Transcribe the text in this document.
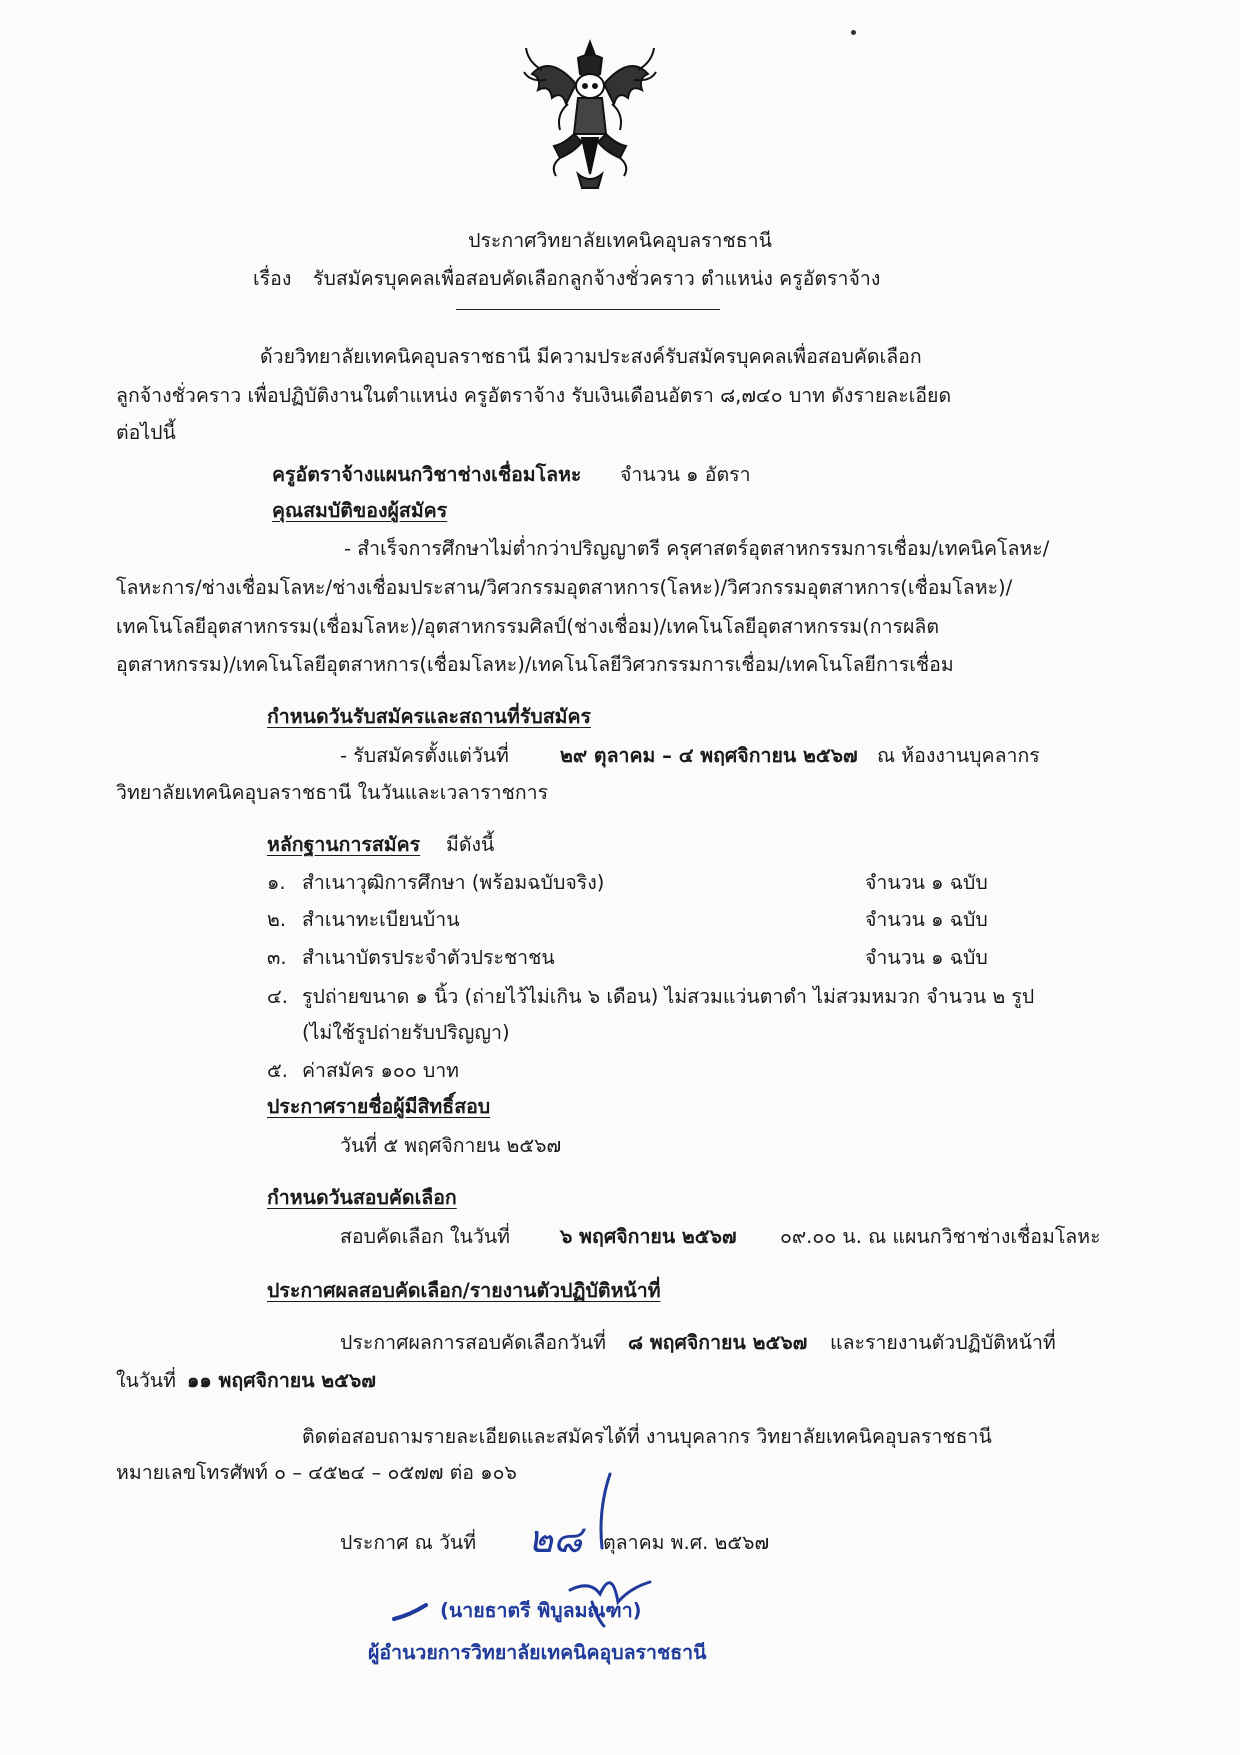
ประกาศวิทยาลัยเทคนิคอุบลราชธานี
เรื่อง รับสมัครบุคคลเพื่อสอบคัดเลือกลูกจ้างชั่วคราว ตำแหน่ง ครูอัตราจ้าง
ด้วยวิทยาลัยเทคนิคอุบลราชธานี มีความประสงค์รับสมัครบุคคลเพื่อสอบคัดเลือก
ลูกจ้างชั่วคราว เพื่อปฏิบัติงานในตำแหน่ง ครูอัตราจ้าง รับเงินเดือนอัตรา ๘,๗๔๐ บาท ดังรายละเอียด
ต่อไปนี้
ครูอัตราจ้างแผนกวิชาช่างเชื่อมโลหะ จำนวน ๑ อัตรา
คุณสมบัติของผู้สมัคร
- สำเร็จการศึกษาไม่ต่ำกว่าปริญญาตรี ครุศาสตร์อุตสาหกรรมการเชื่อม/เทคนิคโลหะ/
โลหะการ/ช่างเชื่อมโลหะ/ช่างเชื่อมประสาน/วิศวกรรมอุตสาหการ(โลหะ)/วิศวกรรมอุตสาหการ(เชื่อมโลหะ)/
เทคโนโลยีอุตสาหกรรม(เชื่อมโลหะ)/อุตสาหกรรมศิลป์(ช่างเชื่อม)/เทคโนโลยีอุตสาหกรรม(การผลิต
อุตสาหกรรม)/เทคโนโลยีอุตสาหการ(เชื่อมโลหะ)/เทคโนโลยีวิศวกรรมการเชื่อม/เทคโนโลยีการเชื่อม
กำหนดวันรับสมัครและสถานที่รับสมัคร
- รับสมัครตั้งแต่วันที่	๒๙ ตุลาคม – ๔ พฤศจิกายน ๒๕๖๗ ณ ห้องงานบุคลากร
วิทยาลัยเทคนิคอุบลราชธานี ในวันและเวลาราชการ
หลักฐานการสมัคร มีดังนี้
๑. สำเนาวุฒิการศึกษา (พร้อมฉบับจริง)	จำนวน ๑ ฉบับ
๒. สำเนาทะเบียนบ้าน	จำนวน ๑ ฉบับ
๓. สำเนาบัตรประจำตัวประชาชน	จำนวน ๑ ฉบับ
๔. รูปถ่ายขนาด ๑ นิ้ว (ถ่ายไว้ไม่เกิน ๖ เดือน) ไม่สวมแว่นตาดำ ไม่สวมหมวก จำนวน ๒ รูป
(ไม่ใช้รูปถ่ายรับปริญญา)
๕. ค่าสมัคร ๑๐๐ บาท
ประกาศรายชื่อผู้มีสิทธิ์สอบ
วันที่ ๕ พฤศจิกายน ๒๕๖๗
กำหนดวันสอบคัดเลือก
สอบคัดเลือก ในวันที่	๖ พฤศจิกายน ๒๕๖๗ ๐๙.๐๐ น. ณ แผนกวิชาช่างเชื่อมโลหะ
ประกาศผลสอบคัดเลือก/รายงานตัวปฏิบัติหน้าที่
ประกาศผลการสอบคัดเลือกวันที่ ๘ พฤศจิกายน ๒๕๖๗ และรายงานตัวปฏิบัติหน้าที่
ในวันที่ ๑๑ พฤศจิกายน ๒๕๖๗
ติดต่อสอบถามรายละเอียดและสมัครได้ที่ งานบุคลากร วิทยาลัยเทคนิคอุบลราชธานี
หมายเลขโทรศัพท์ ๐ – ๔๕๒๔ – ๐๕๗๗ ต่อ ๑๐๖
ประกาศ ณ วันที่ ๒๘ ตุลาคม พ.ศ. ๒๕๖๗
(นายธาตรี พิบูลมณฑา)
ผู้อำนวยการวิทยาลัยเทคนิคอุบลราชธานี
